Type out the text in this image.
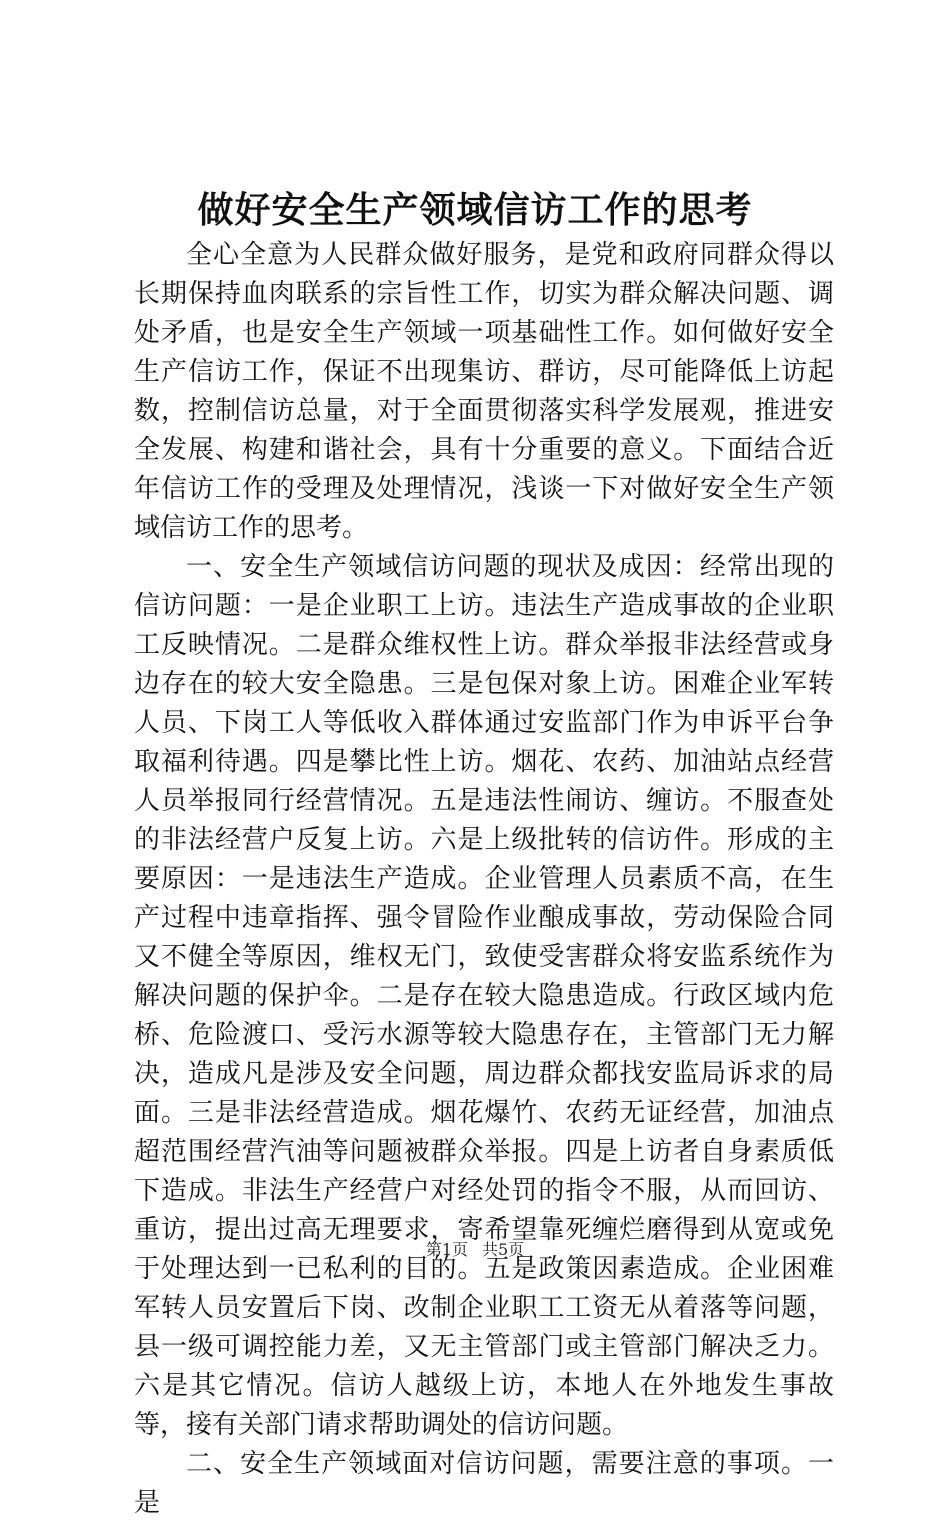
做好安全生产领域信访工作的思考

全心全意为人民群众做好服务，是党和政府同群众得以长期保持血肉联系的宗旨性工作，切实为群众解决问题、调处矛盾，也是安全生产领域一项基础性工作。如何做好安全生产信访工作，保证不出现集访、群访，尽可能降低上访起数，控制信访总量，对于全面贯彻落实科学发展观，推进安全发展、构建和谐社会，具有十分重要的意义。下面结合近年信访工作的受理及处理情况，浅谈一下对做好安全生产领域信访工作的思考。

一、安全生产领域信访问题的现状及成因：经常出现的信访问题：一是企业职工上访。违法生产造成事故的企业职工反映情况。二是群众维权性上访。群众举报非法经营或身边存在的较大安全隐患。三是包保对象上访。困难企业军转人员、下岗工人等低收入群体通过安监部门作为申诉平台争取福利待遇。四是攀比性上访。烟花、农药、加油站点经营人员举报同行经营情况。五是违法性闹访、缠访。不服查处的非法经营户反复上访。六是上级批转的信访件。形成的主要原因：一是违法生产造成。企业管理人员素质不高，在生产过程中违章指挥、强令冒险作业酿成事故，劳动保险合同又不健全等原因，维权无门，致使受害群众将安监系统作为解决问题的保护伞。二是存在较大隐患造成。行政区域内危桥、危险渡口、受污水源等较大隐患存在，主管部门无力解决，造成凡是涉及安全问题，周边群众都找安监局诉求的局面。三是非法经营造成。烟花爆竹、农药无证经营，加油点超范围经营汽油等问题被群众举报。四是上访者自身素质低下造成。非法生产经营户对经处罚的指令不服，从而回访、重访，提出过高无理要求，寄希望靠死缠烂磨得到从宽或免于处理达到一已私利的目的。五是政策因素造成。企业困难军转人员安置后下岗、改制企业职工工资无从着落等问题，县一级可调控能力差，又无主管部门或主管部门解决乏力。六是其它情况。信访人越级上访，本地人在外地发生事故等，接有关部门请求帮助调处的信访问题。

二、安全生产领域面对信访问题，需要注意的事项。一是

第1页 共5页
